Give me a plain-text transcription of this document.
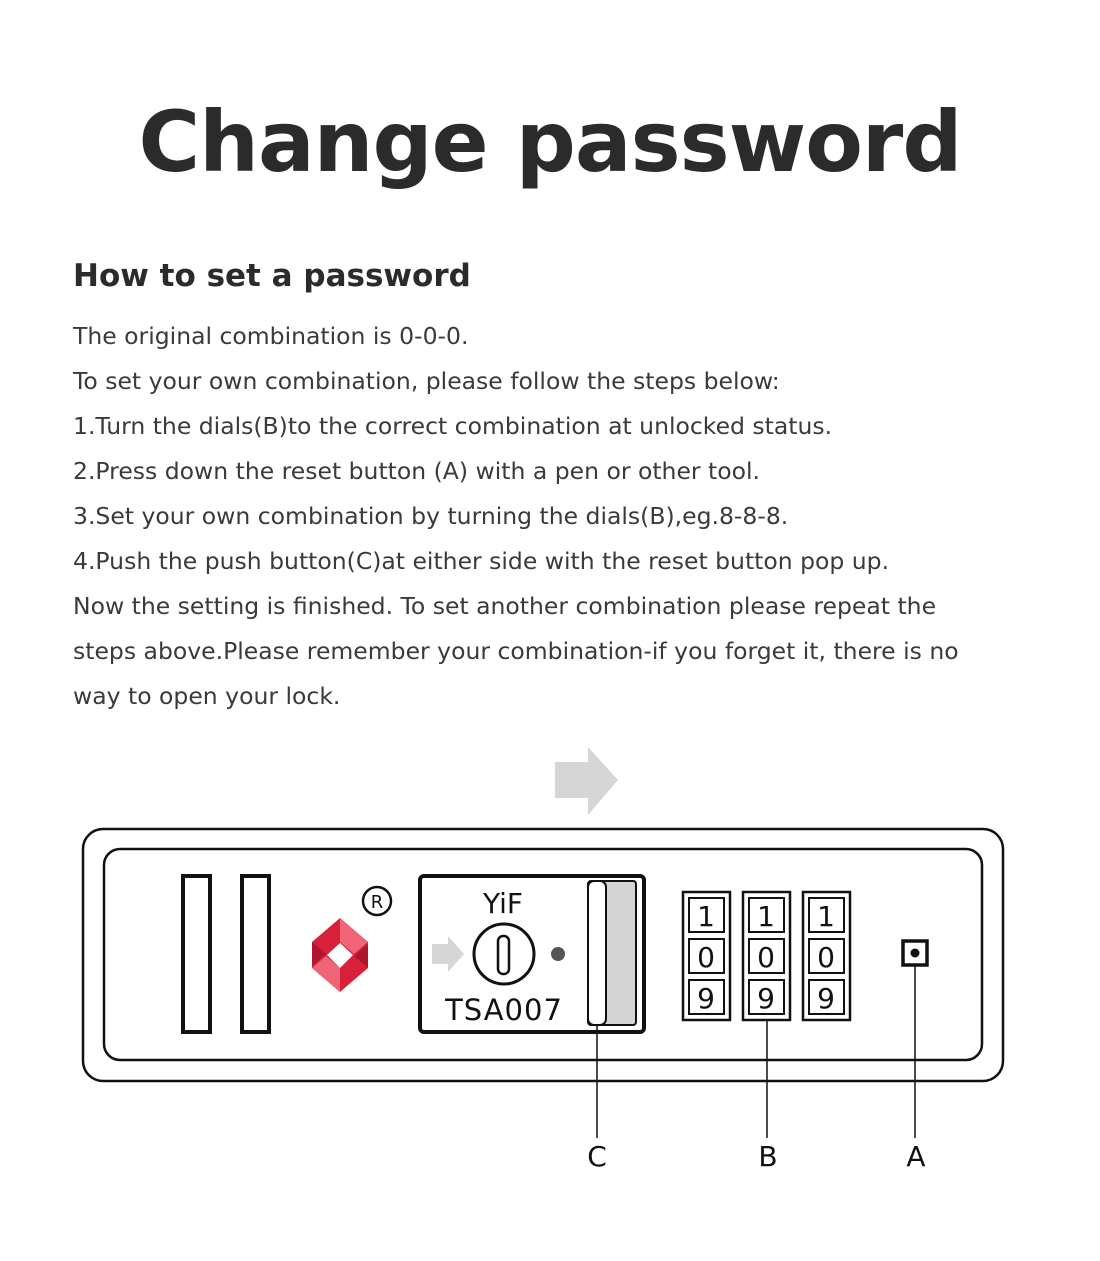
Change password
How to set a password
The original combination is 0-0-0.
To set your own combination, please follow the steps below:
1.Turn the dials(B)to the correct combination at unlocked status.
2.Press down the reset button (A) with a pen or other tool.
3.Set your own combination by turning the dials(B),eg.8-8-8.
4.Push the push button(C)at either side with the reset button pop up.
Now the setting is finished. To set another combination please repeat the
steps above.Please remember your combination-if you forget it, there is no
way to open your lock.
R	YiF
TSA007
1
0
9
1
0
9
1
0
9
C	B	A
